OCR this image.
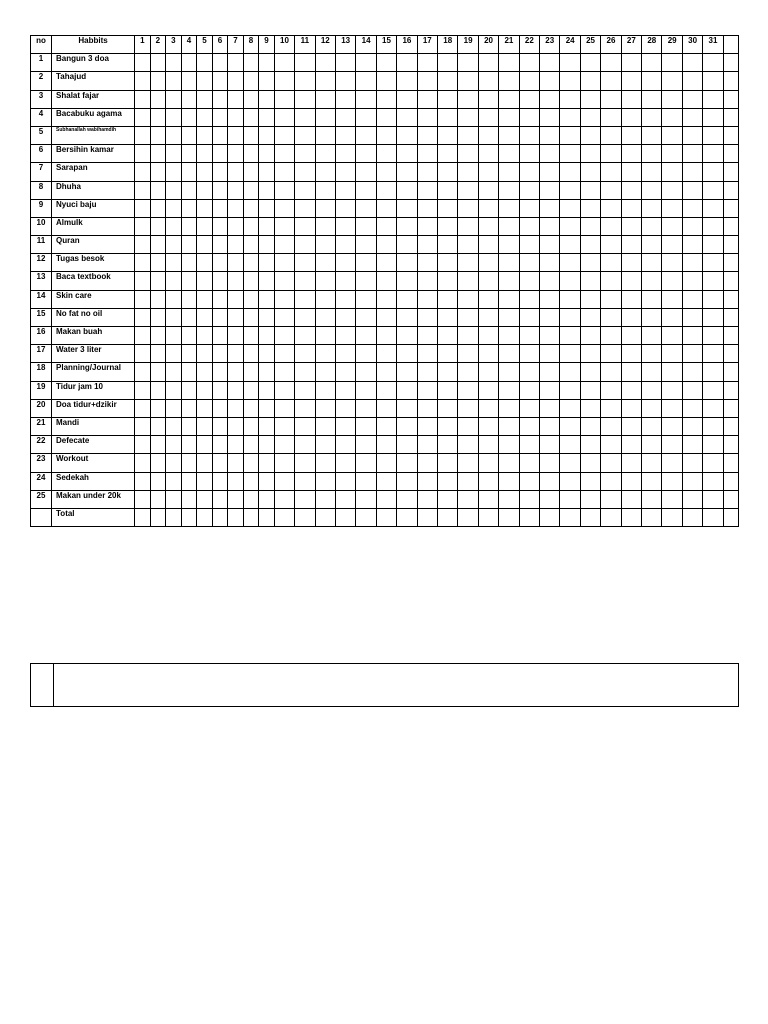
no	Habbits	1	2	3	4	5	6	7	8	9	10	11	12	13	14	15	16	17	18	19	20	21	22	23	24	25	26	27	28	29	30	31	
1	Bangun 3 doa																																
2	Tahajud																																
3	Shalat fajar																																
4	Bacabuku agama																																
5	Subhanallah wabihamdih																																
6	Bersihin kamar																																
7	Sarapan																																
8	Dhuha																																
9	Nyuci baju																																
10	Almulk																																
11	Quran																																
12	Tugas besok																																
13	Baca textbook																																
14	Skin care																																
15	No fat no oil																																
16	Makan buah																																
17	Water 3 liter																																
18	Planning/Journal																																
19	Tidur jam 10																																
20	Doa tidur+dzikir																																
21	Mandi																																
22	Defecate																																
23	Workout																																
24	Sedekah																																
25	Makan under 20k																																
	Total																																
